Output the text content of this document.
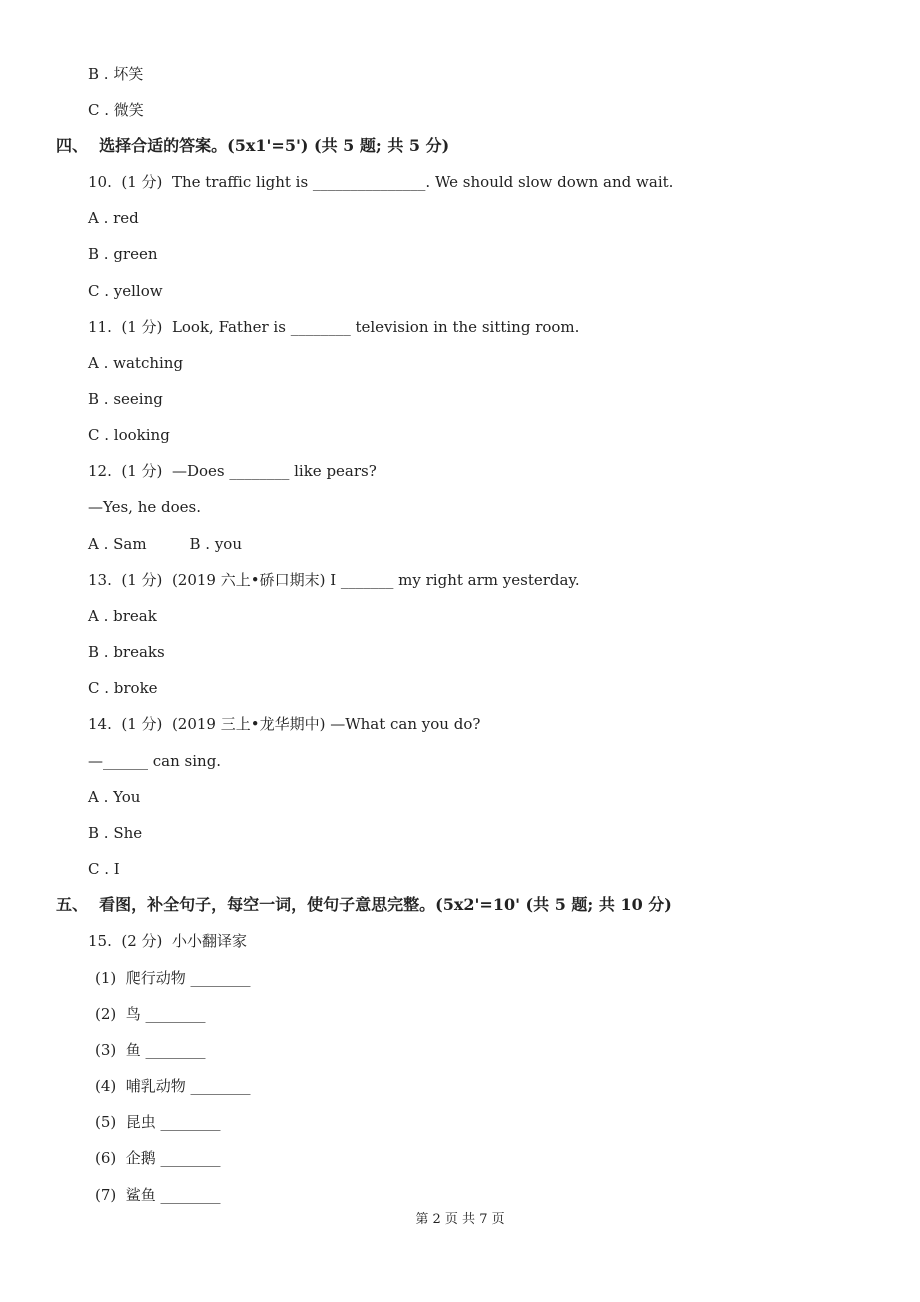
B . 坏笑
C . 微笑
四、  选择合适的答案。(5x1'=5') (共 5 题; 共 5 分)
10.  (1 分)  The traffic light is _______________. We should slow down and wait.
A . red
B . green
C . yellow
11.  (1 分)  Look, Father is ________ television in the sitting room.
A . watching
B . seeing
C . looking
12.  (1 分)  —Does ________ like pears?
—Yes, he does.
A . Sam         B . you
13.  (1 分)  (2019 六上•硚口期末) I _______ my right arm yesterday.
A . break
B . breaks
C . broke
14.  (1 分)  (2019 三上•龙华期中) —What can you do?
—______ can sing.
A . You
B . She
C . I
五、  看图，补全句子，每空一词，使句子意思完整。(5x2'=10' (共 5 题; 共 10 分)
15.  (2 分)  小小翻译家
(1)  爬行动物 ________
(2)  鸟 ________
(3)  鱼 ________
(4)  哺乳动物 ________
(5)  昆虫 ________
(6)  企鹅 ________
(7)  鲨鱼 ________
第 2 页 共 7 页
